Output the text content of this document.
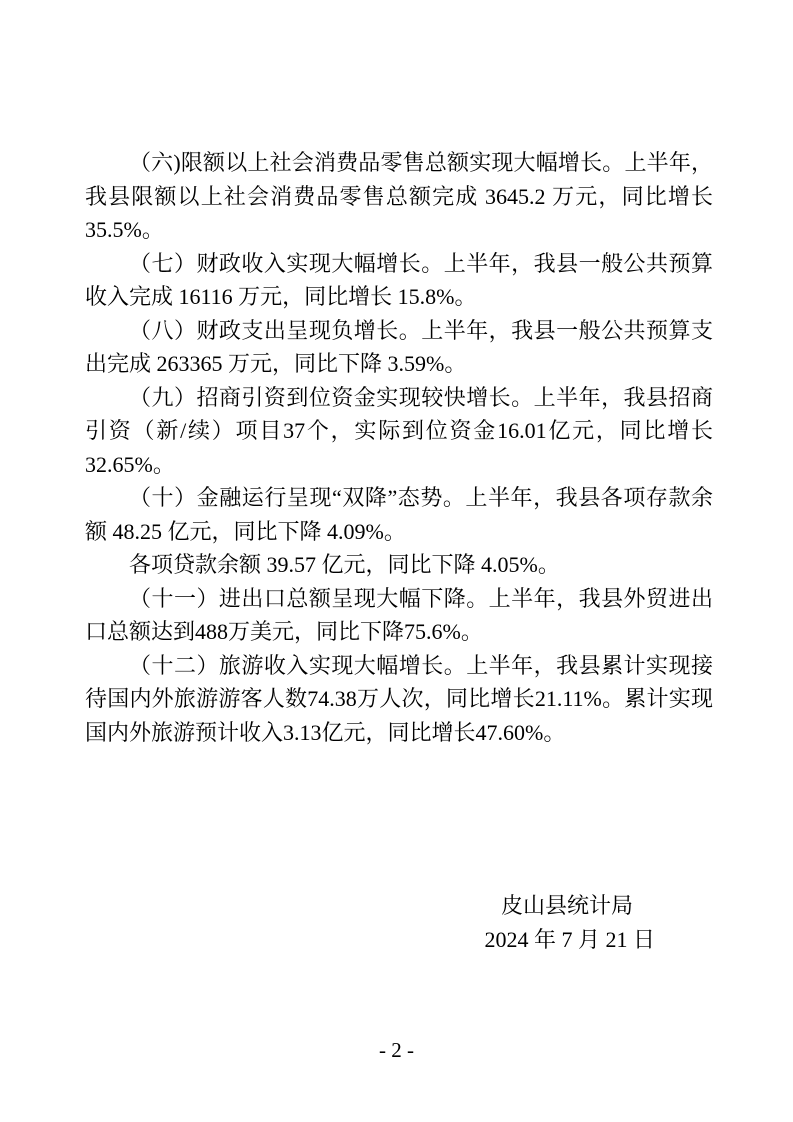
（六)限额以上社会消费品零售总额实现大幅增长。上半年，我县限额以上社会消费品零售总额完成 3645.2 万元，同比增长 35.5%。

（七）财政收入实现大幅增长。上半年，我县一般公共预算收入完成 16116 万元，同比增长 15.8%。

（八）财政支出呈现负增长。上半年，我县一般公共预算支出完成 263365 万元，同比下降 3.59%。

（九）招商引资到位资金实现较快增长。上半年，我县招商引资（新/续）项目37个，实际到位资金16.01亿元，同比增长32.65%。

（十）金融运行呈现“双降”态势。上半年，我县各项存款余额 48.25 亿元，同比下降 4.09%。

各项贷款余额 39.57 亿元，同比下降 4.05%。

（十一）进出口总额呈现大幅下降。上半年，我县外贸进出口总额达到488万美元，同比下降75.6%。

（十二）旅游收入实现大幅增长。上半年，我县累计实现接待国内外旅游游客人数74.38万人次，同比增长21.11%。累计实现国内外旅游预计收入3.13亿元，同比增长47.60%。

皮山县统计局
2024 年 7 月 21 日
- 2 -
